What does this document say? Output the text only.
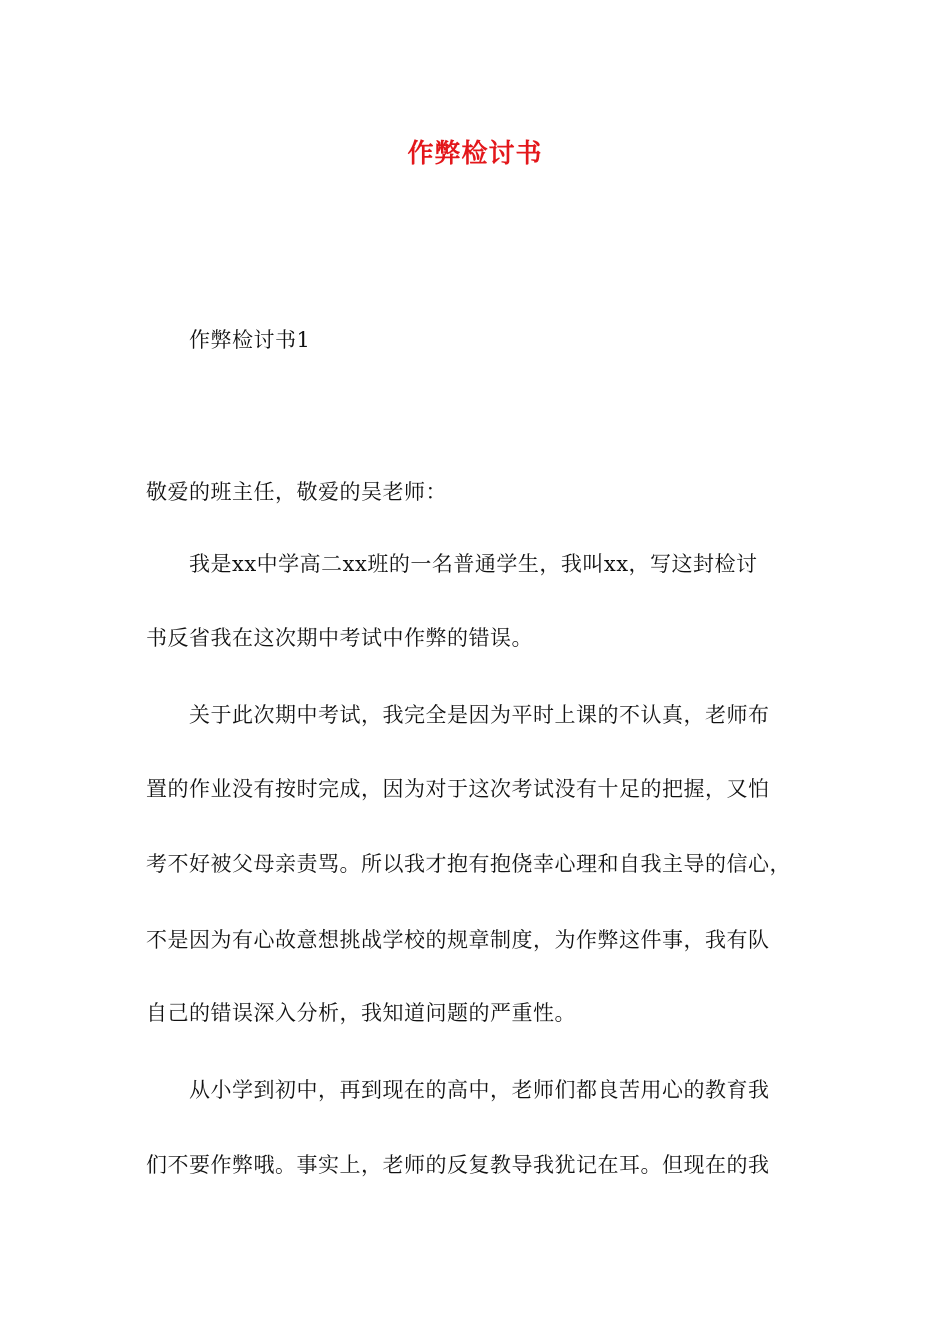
作弊检讨书
作弊检讨书1
敬爱的班主任，敬爱的吴老师：
我是xx中学高二xx班的一名普通学生，我叫xx，写这封检讨
书反省我在这次期中考试中作弊的错误。
关于此次期中考试，我完全是因为平时上课的不认真，老师布
置的作业没有按时完成，因为对于这次考试没有十足的把握，又怕
考不好被父母亲责骂。所以我才抱有抱侥幸心理和自我主导的信心，
不是因为有心故意想挑战学校的规章制度，为作弊这件事，我有队
自己的错误深入分析，我知道问题的严重性。
从小学到初中，再到现在的高中，老师们都良苦用心的教育我
们不要作弊哦。事实上，老师的反复教导我犹记在耳。但现在的我
